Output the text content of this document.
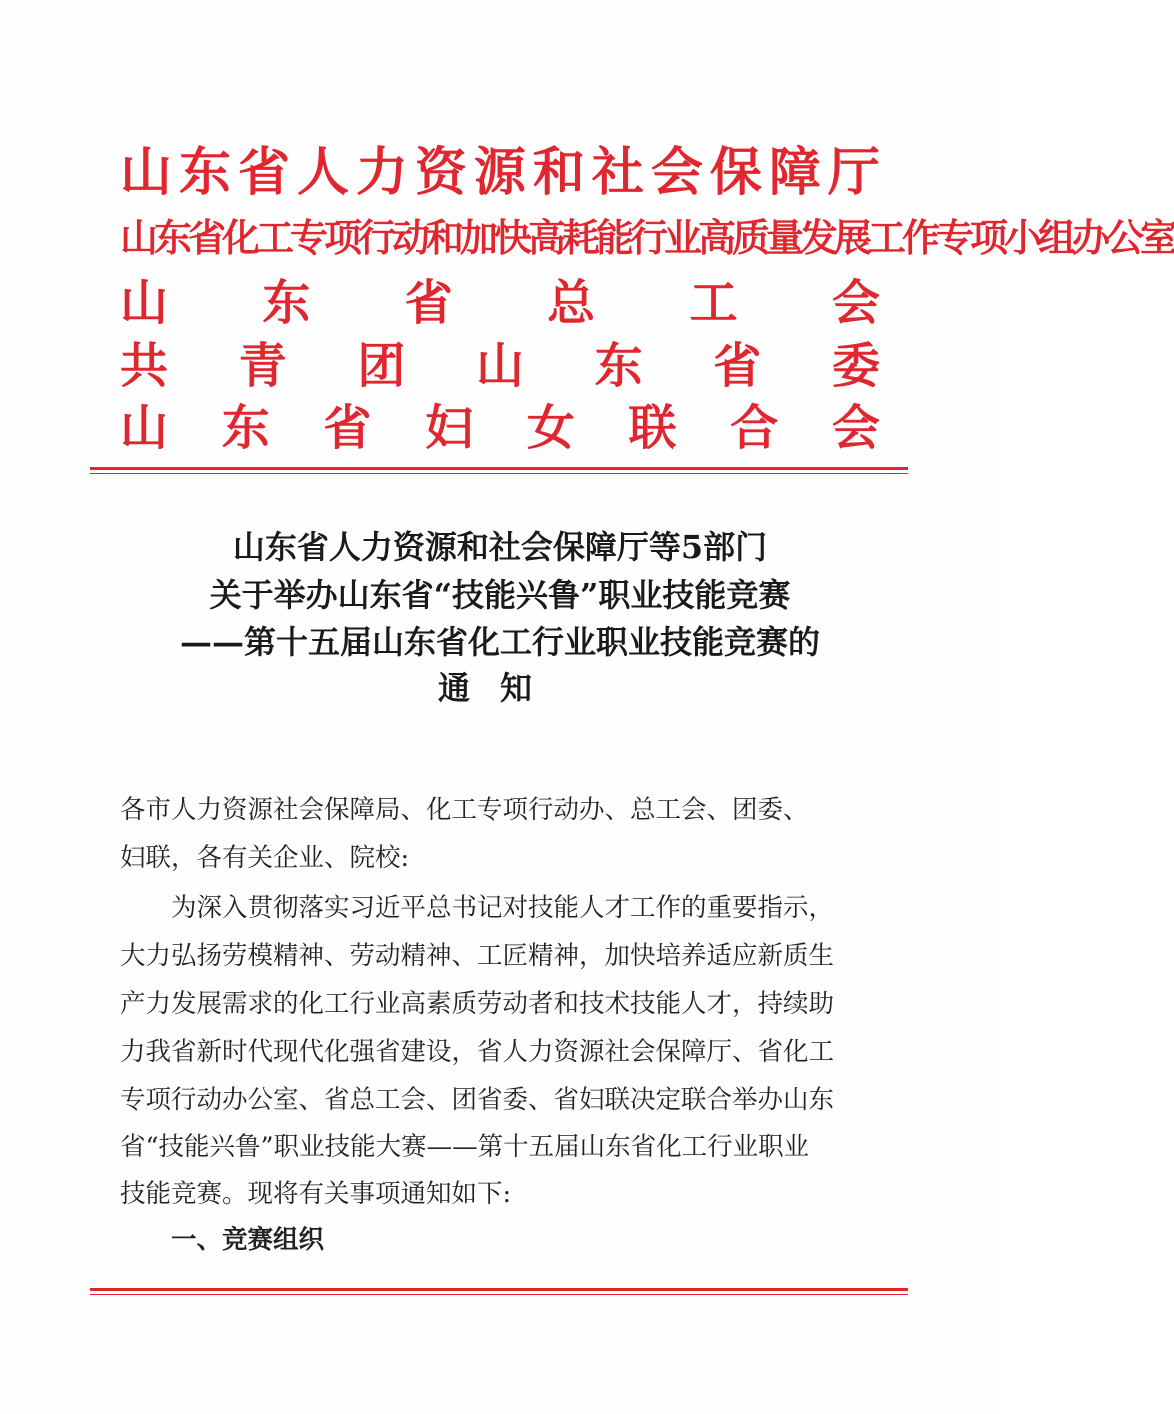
山 东 省 人 力 资 源 和 社 会 保 障 厅
山东省化工专项行动和加快高耗能行业高质量发展工作专项小组办公室
山 东 省 总 工 会
共 青 团 山 东 省 委
山 东 省 妇 女 联 合 会
山东省人力资源和社会保障厅等5部门
关于举办山东省“技能兴鲁”职业技能竞赛
——第十五届山东省化工行业职业技能竞赛的
通知
各市人力资源社会保障局、化工专项行动办、总工会、团委、
妇联，各有关企业、院校:
　　为深入贯彻落实习近平总书记对技能人才工作的重要指示，
大力弘扬劳模精神、劳动精神、工匠精神，加快培养适应新质生
产力发展需求的化工行业高素质劳动者和技术技能人才，持续助
力我省新时代现代化强省建设，省人力资源社会保障厅、省化工
专项行动办公室、省总工会、团省委、省妇联决定联合举办山东
省“技能兴鲁”职业技能大赛——第十五届山东省化工行业职业
技能竞赛。现将有关事项通知如下:
　　一、竞赛组织
